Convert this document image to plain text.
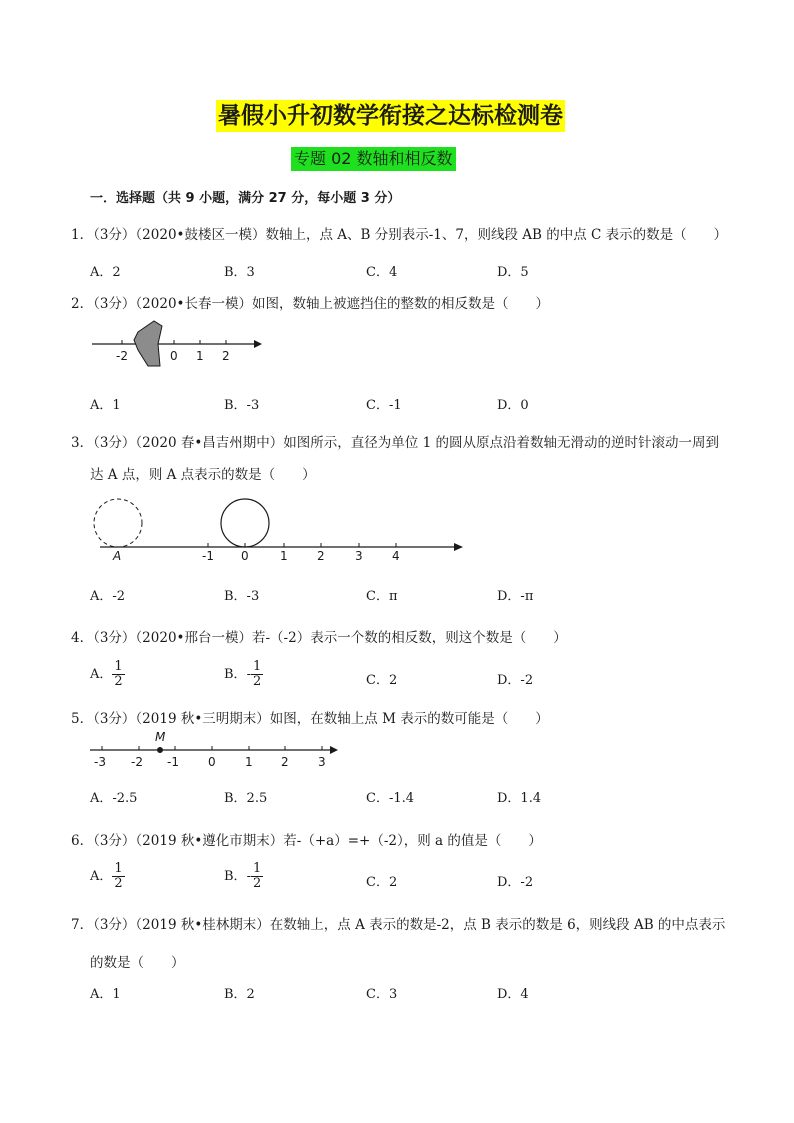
暑假小升初数学衔接之达标检测卷
专题 02 数轴和相反数
一．选择题（共 9 小题，满分 27 分，每小题 3 分）
1．（3分）（2020•鼓楼区一模）数轴上，点 A、B 分别表示-1、7，则线段 AB 的中点 C 表示的数是（　　）
A．2	B．3	C．4	D．5
2．（3分）（2020•长春一模）如图，数轴上被遮挡住的整数的相反数是（　　）
-2	0 1 2
A．1	B．-3	C．-1	D．0
3．（3分）（2020 春•昌吉州期中）如图所示，直径为单位 1 的圆从原点沿着数轴无滑动的逆时针滚动一周到
达 A 点，则 A 点表示的数是（　　）
A	-1 0	1 2	3 4
A．-2	B．-3	C．π	D．-π
4．（3分）（2020•邢台一模）若-（-2）表示一个数的相反数，则这个数是（　　）
A． $\frac{1}{2}$	B．- $\frac{1}{2}$	C．2	D．-2
5．（3分）（2019 秋•三明期末）如图，在数轴上点 M 表示的数可能是（　　）
M
-3 -2 -1 0 1 2 3
A．-2.5	B．2.5	C．-1.4	D．1.4
6．（3分）（2019 秋•遵化市期末）若-（+a）=+（-2），则 a 的值是（　　）
A． $\frac{1}{2}$	B．- $\frac{1}{2}$	C．2	D．-2
7．（3分）（2019 秋•桂林期末）在数轴上，点 A 表示的数是-2，点 B 表示的数是 6，则线段 AB 的中点表示
的数是（　　）
A．1	B．2	C．3	D．4
